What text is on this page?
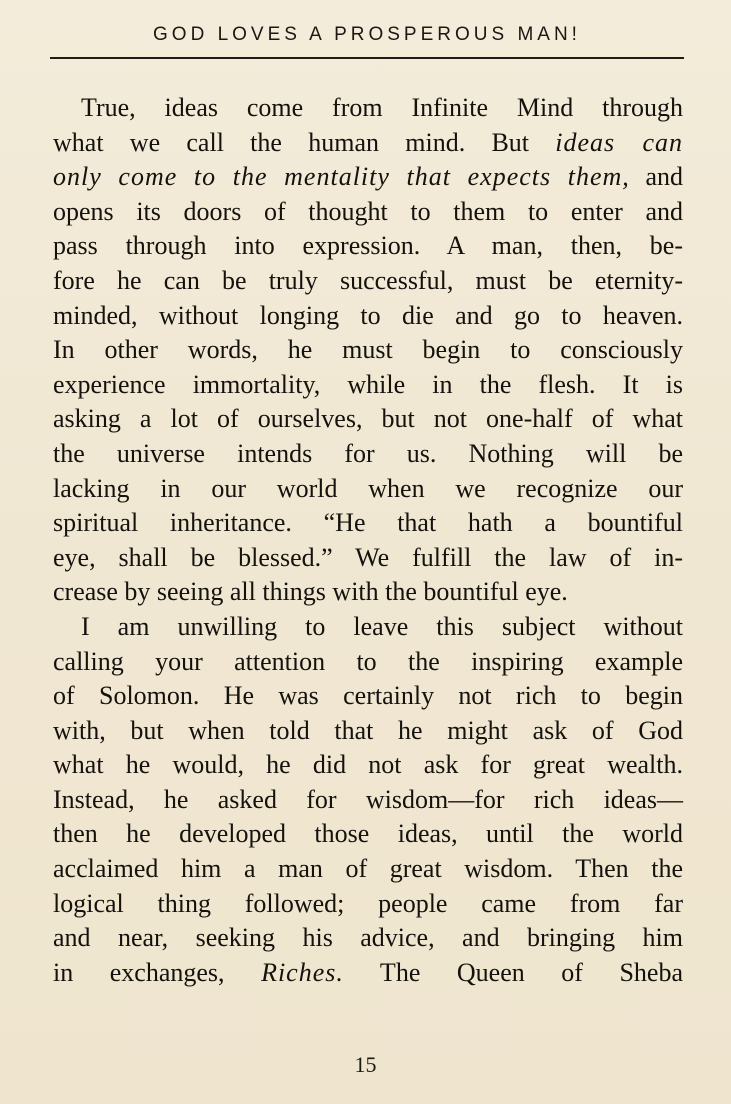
GOD LOVES A PROSPEROUS MAN!
True, ideas come from Infinite Mind through
what we call the human mind. But ideas can
only come to the mentality that expects them, and
opens its doors of thought to them to enter and
pass through into expression. A man, then, be-
fore he can be truly successful, must be eternity-
minded, without longing to die and go to heaven.
In other words, he must begin to consciously
experience immortality, while in the flesh. It is
asking a lot of ourselves, but not one-half of what
the universe intends for us. Nothing will be
lacking in our world when we recognize our
spiritual inheritance. “He that hath a bountiful
eye, shall be blessed.” We fulfill the law of in-
crease by seeing all things with the bountiful eye.
I am unwilling to leave this subject without
calling your attention to the inspiring example
of Solomon. He was certainly not rich to begin
with, but when told that he might ask of God
what he would, he did not ask for great wealth.
Instead, he asked for wisdom—for rich ideas—
then he developed those ideas, until the world
acclaimed him a man of great wisdom. Then the
logical thing followed; people came from far
and near, seeking his advice, and bringing him
in exchanges, Riches. The Queen of Sheba
15
